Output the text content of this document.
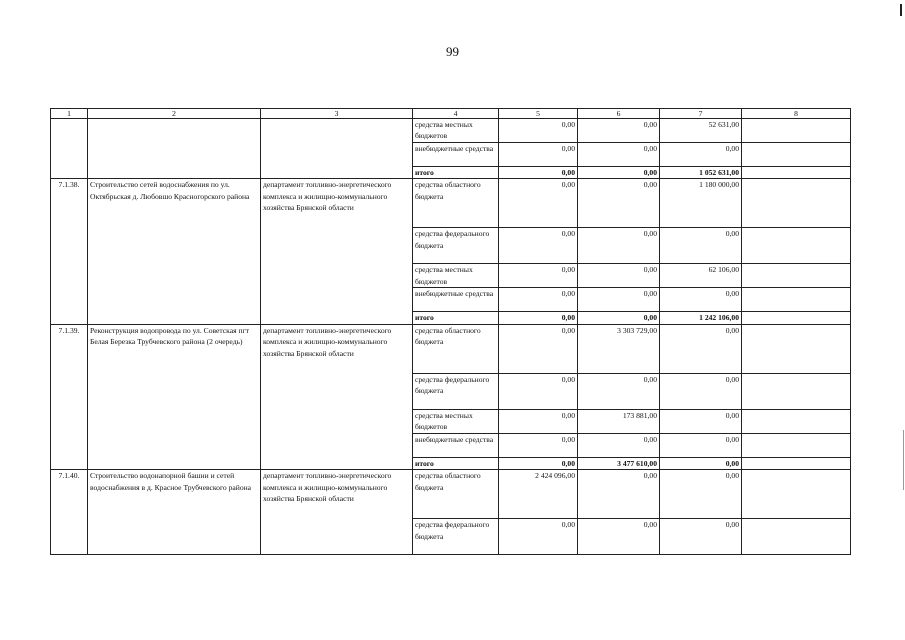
99
1	2	3	4	5	6	7	8
			средства местных бюджетов	0,00	0,00	52 631,00	
			внебюджетные средства	0,00	0,00	0,00	
			итого	0,00	0,00	1 052 631,00	
7.1.38.	Строительство сетей водоснабжения по ул. Октябрьская д. Любовшо Красногорского района	департамент топливно-энергетического комплекса и жилищно-коммунального хозяйства Брянской области	средства областного бюджета	0,00	0,00	1 180 000,00	
			средства федерального бюджета	0,00	0,00	0,00	
			средства местных бюджетов	0,00	0,00	62 106,00	
			внебюджетные средства	0,00	0,00	0,00	
			итого	0,00	0,00	1 242 106,00	
7.1.39.	Реконструкция водопровода по ул. Советская пгт Белая Березка Трубчевского района (2 очередь)	департамент топливно-энергетического комплекса и жилищно-коммунального хозяйства Брянской области	средства областного бюджета	0,00	3 303 729,00	0,00	
			средства федерального бюджета	0,00	0,00	0,00	
			средства местных бюджетов	0,00	173 881,00	0,00	
			внебюджетные средства	0,00	0,00	0,00	
			итого	0,00	3 477 610,00	0,00	
7.1.40.	Строительство водонапорной башни и сетей водоснабжения в д. Красное Трубчевского района	департамент топливно-энергетического комплекса и жилищно-коммунального хозяйства Брянской области	средства областного бюджета	2 424 096,00	0,00	0,00	
			средства федерального бюджета	0,00	0,00	0,00	
